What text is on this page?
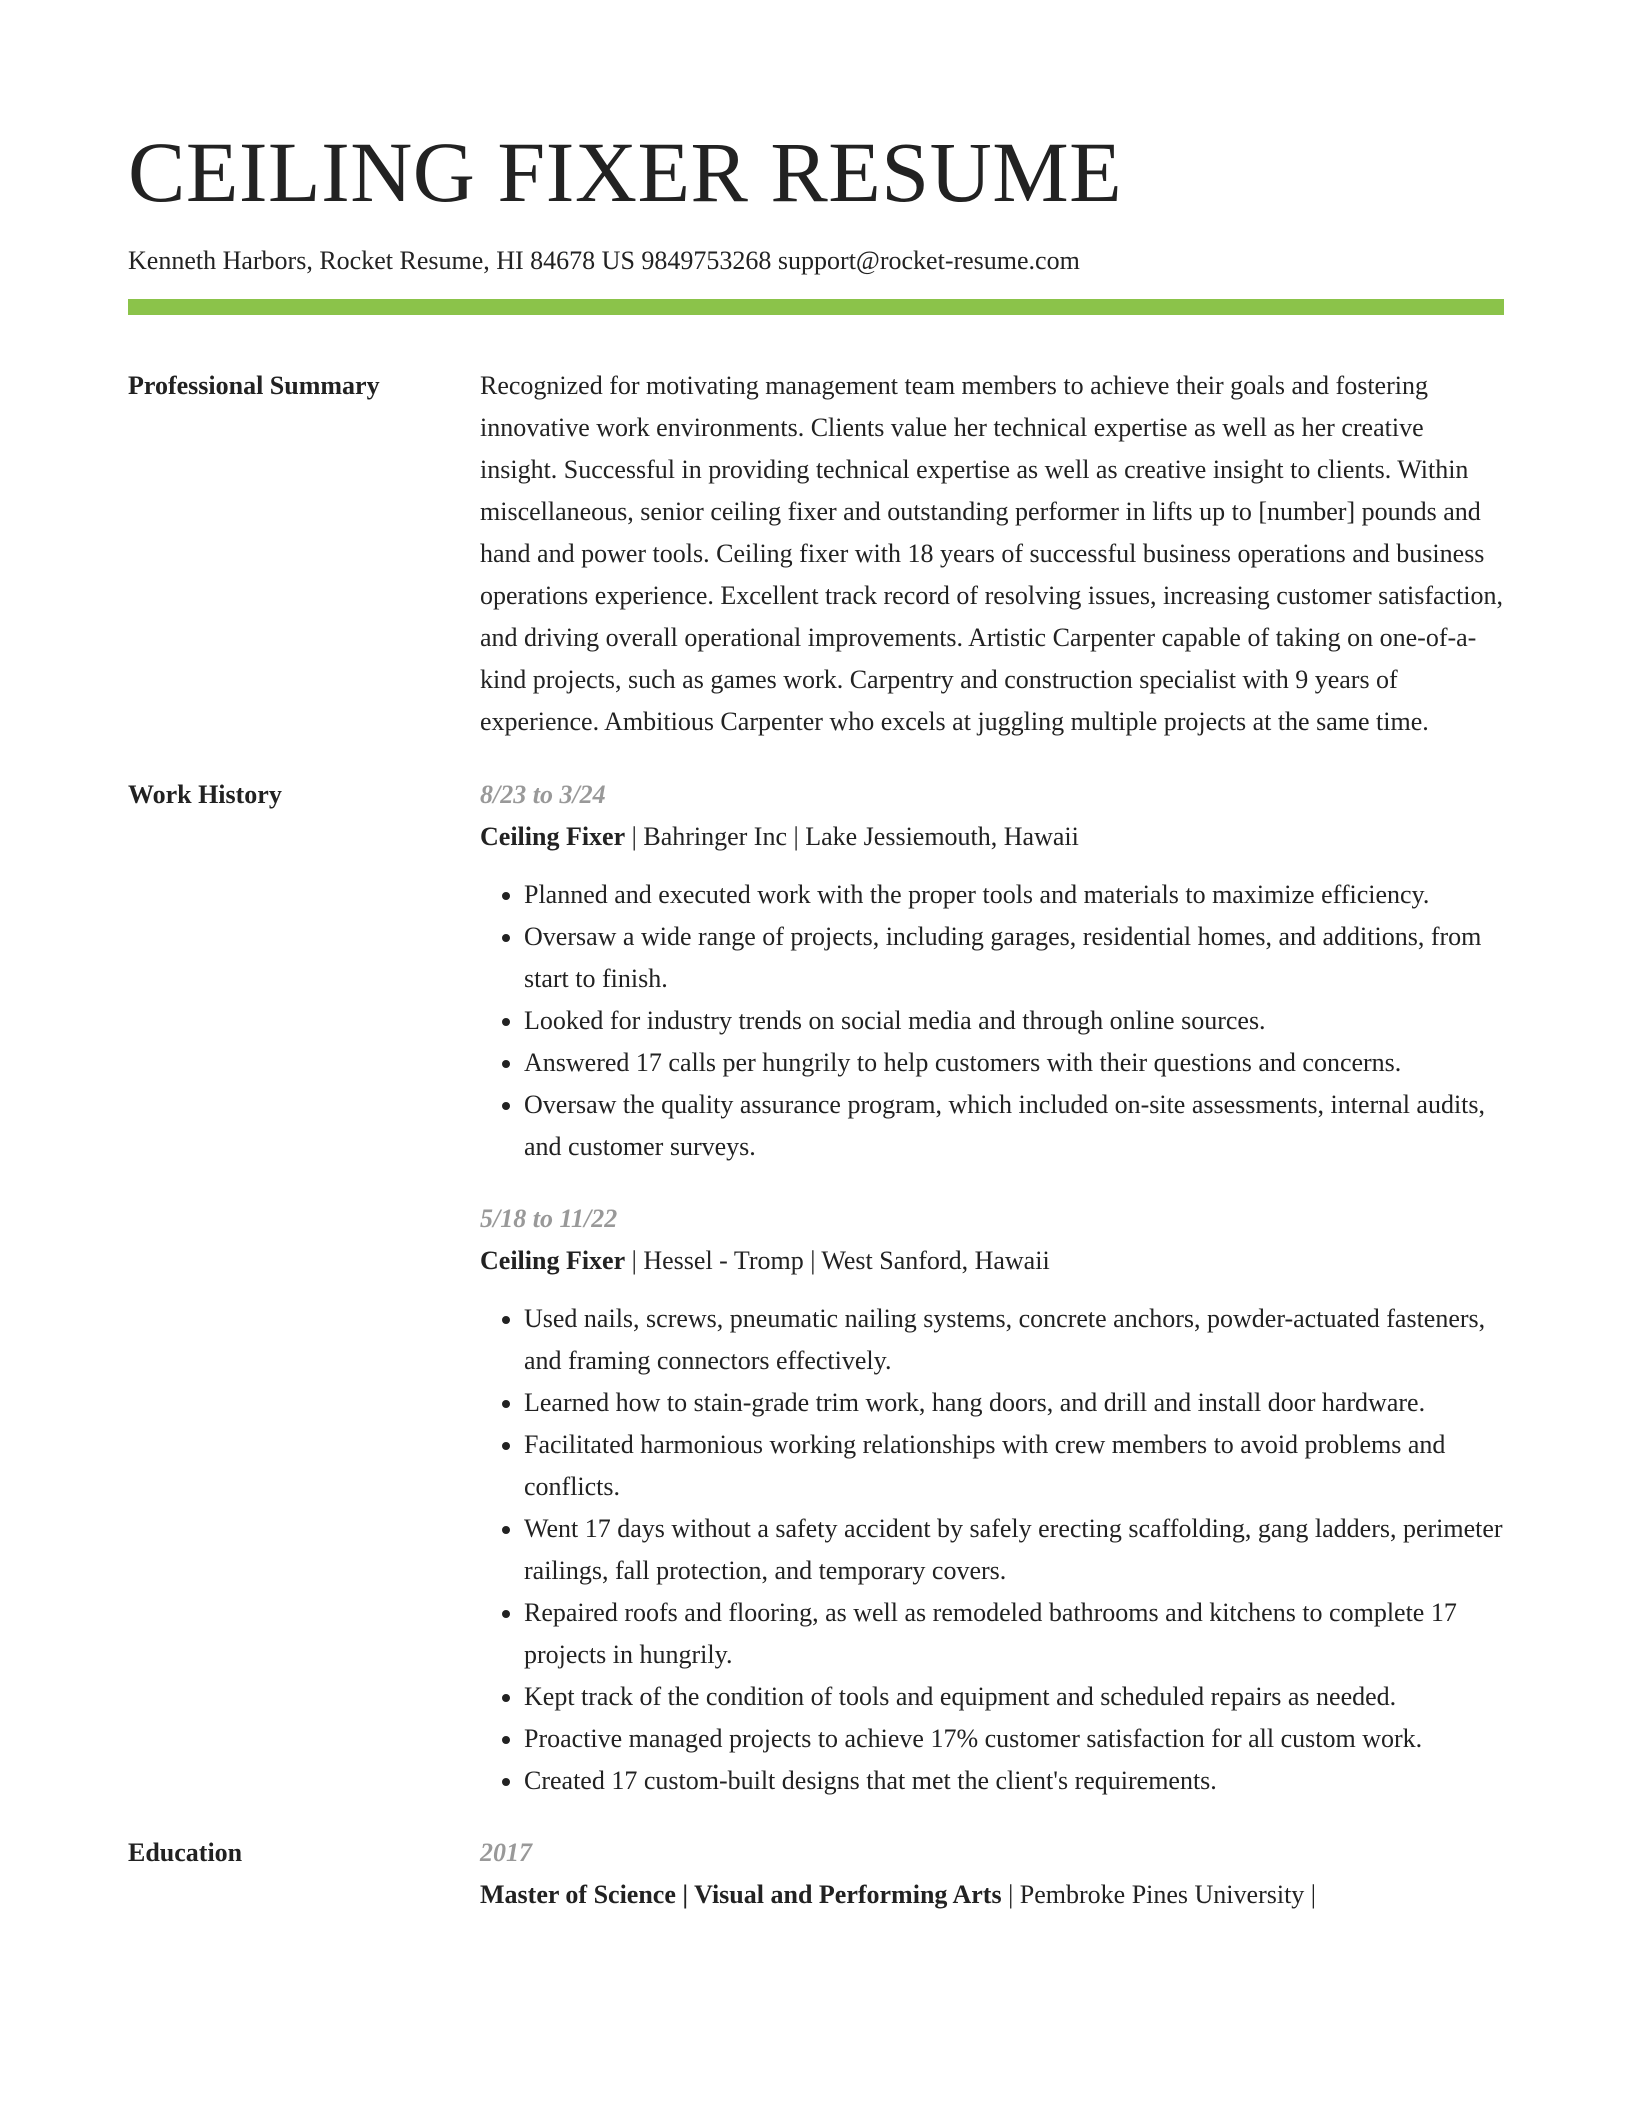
CEILING FIXER RESUME
Kenneth Harbors, Rocket Resume, HI 84678 US 9849753268 support@rocket-resume.com
Professional Summary	Recognized for motivating management team members to achieve their goals and fostering innovative work environments. Clients value her technical expertise as well as her creative insight. Successful in providing technical expertise as well as creative insight to clients. Within miscellaneous, senior ceiling fixer and outstanding performer in lifts up to [number] pounds and hand and power tools. Ceiling fixer with 18 years of successful business operations and business operations experience. Excellent track record of resolving issues, increasing customer satisfaction, and driving overall operational improvements. Artistic Carpenter capable of taking on one-of-a-kind projects, such as games work. Carpentry and construction specialist with 9 years of experience. Ambitious Carpenter who excels at juggling multiple projects at the same time.

Work History	8/23 to 3/24
Ceiling Fixer | Bahringer Inc | Lake Jessiemouth, Hawaii
• Planned and executed work with the proper tools and materials to maximize efficiency.
• Oversaw a wide range of projects, including garages, residential homes, and additions, from start to finish.
• Looked for industry trends on social media and through online sources.
• Answered 17 calls per hungrily to help customers with their questions and concerns.
• Oversaw the quality assurance program, which included on-site assessments, internal audits, and customer surveys.
5/18 to 11/22
Ceiling Fixer | Hessel - Tromp | West Sanford, Hawaii
• Used nails, screws, pneumatic nailing systems, concrete anchors, powder-actuated fasteners, and framing connectors effectively.
• Learned how to stain-grade trim work, hang doors, and drill and install door hardware.
• Facilitated harmonious working relationships with crew members to avoid problems and conflicts.
• Went 17 days without a safety accident by safely erecting scaffolding, gang ladders, perimeter railings, fall protection, and temporary covers.
• Repaired roofs and flooring, as well as remodeled bathrooms and kitchens to complete 17 projects in hungrily.
• Kept track of the condition of tools and equipment and scheduled repairs as needed.
• Proactive managed projects to achieve 17% customer satisfaction for all custom work.
• Created 17 custom-built designs that met the client's requirements.
Education	2017
Master of Science | Visual and Performing Arts | Pembroke Pines University |
